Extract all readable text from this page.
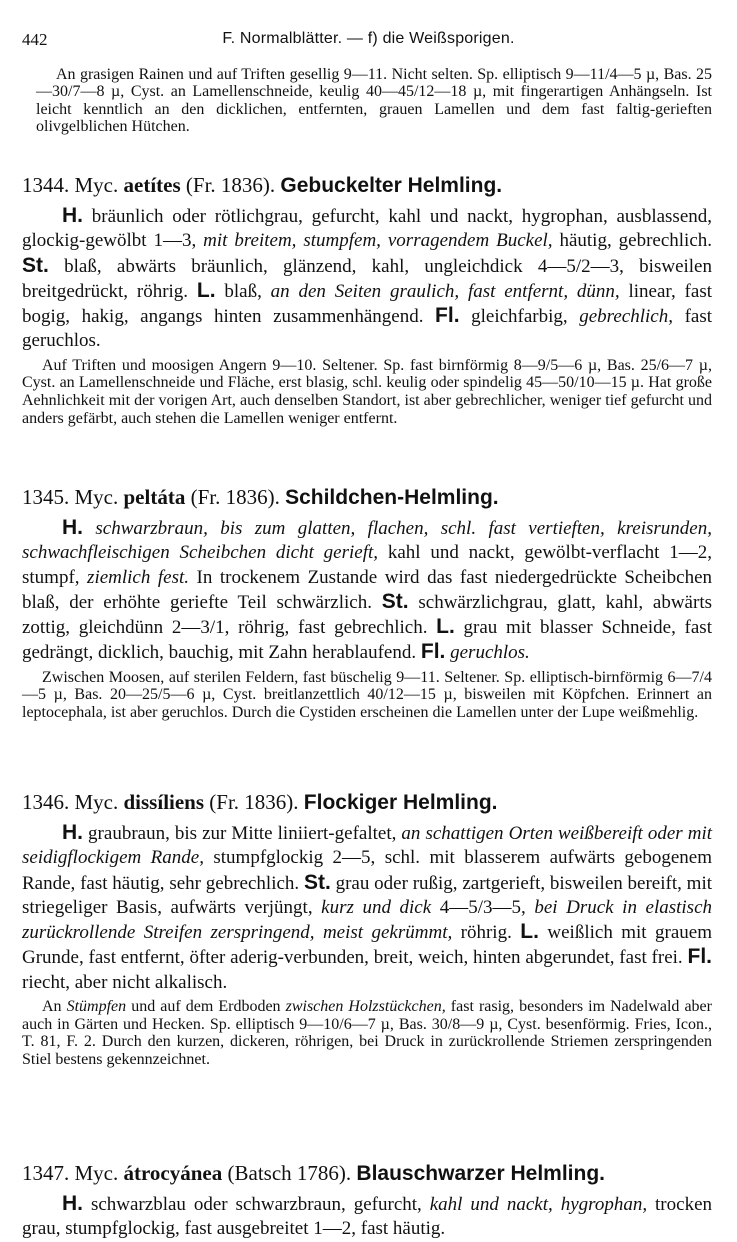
442	F. Normalblätter. — f) die Weißsporigen.

An grasigen Rainen und auf Triften gesellig 9—11. Nicht selten. Sp. elliptisch 9—11/4—5 µ, Bas. 25—30/7—8 µ, Cyst. an Lamellenschneide, keulig 40—45/12—18 µ, mit fingerartigen Anhängseln. Ist leicht kenntlich an den dicklichen, entfernten, grauen Lamellen und dem fast faltig-gerieften olivgelblichen Hütchen.

1344. Myc. aetítes (Fr. 1836). Gebuckelter Helmling.

H. bräunlich oder rötlichgrau, gefurcht, kahl und nackt, hygrophan, ausblassend, glockig-gewölbt 1—3, mit breitem, stumpfem, vorragendem Buckel, häutig, gebrechlich. St. blaß, abwärts bräunlich, glänzend, kahl, ungleichdick 4—5/2—3, bisweilen breitgedrückt, röhrig. L. blaß, an den Seiten graulich, fast entfernt, dünn, linear, fast bogig, hakig, angangs hinten zusammenhängend. Fl. gleichfarbig, gebrechlich, fast geruchlos.

Auf Triften und moosigen Angern 9—10. Seltener. Sp. fast birnförmig 8—9/5—6 µ, Bas. 25/6—7 µ, Cyst. an Lamellenschneide und Fläche, erst blasig, schl. keulig oder spindelig 45—50/10—15 µ. Hat große Aehnlichkeit mit der vorigen Art, auch denselben Standort, ist aber gebrechlicher, weniger tief gefurcht und anders gefärbt, auch stehen die Lamellen weniger entfernt.

1345. Myc. peltáta (Fr. 1836). Schildchen-Helmling.

H. schwarzbraun, bis zum glatten, flachen, schl. fast vertieften, kreisrunden, schwachfleischigen Scheibchen dicht gerieft, kahl und nackt, gewölbt-verflacht 1—2, stumpf, ziemlich fest. In trockenem Zustande wird das fast niedergedrückte Scheibchen blaß, der erhöhte geriefte Teil schwärzlich. St. schwärzlichgrau, glatt, kahl, abwärts zottig, gleichdünn 2—3/1, röhrig, fast gebrechlich. L. grau mit blasser Schneide, fast gedrängt, dicklich, bauchig, mit Zahn herablaufend. Fl. geruchlos.

Zwischen Moosen, auf sterilen Feldern, fast büschelig 9—11. Seltener. Sp. elliptisch-birnförmig 6—7/4—5 µ, Bas. 20—25/5—6 µ, Cyst. breitlanzettlich 40/12—15 µ, bisweilen mit Köpfchen. Erinnert an leptocephala, ist aber geruchlos. Durch die Cystiden erscheinen die Lamellen unter der Lupe weißmehlig.

1346. Myc. dissíliens (Fr. 1836). Flockiger Helmling.

H. graubraun, bis zur Mitte liniiert-gefaltet, an schattigen Orten weißbereift oder mit seidigflockigem Rande, stumpfglockig 2—5, schl. mit blasserem aufwärts gebogenem Rande, fast häutig, sehr gebrechlich. St. grau oder rußig, zartgerieft, bisweilen bereift, mit striegeliger Basis, aufwärts verjüngt, kurz und dick 4—5/3—5, bei Druck in elastisch zurückrollende Streifen zerspringend, meist gekrümmt, röhrig. L. weißlich mit grauem Grunde, fast entfernt, öfter aderig-verbunden, breit, weich, hinten abgerundet, fast frei. Fl. riecht, aber nicht alkalisch.

An Stümpfen und auf dem Erdboden zwischen Holzstückchen, fast rasig, besonders im Nadelwald aber auch in Gärten und Hecken. Sp. elliptisch 9—10/6—7 µ, Bas. 30/8—9 µ, Cyst. besenförmig. Fries, Icon., T. 81, F. 2. Durch den kurzen, dickeren, röhrigen, bei Druck in zurückrollende Striemen zerspringenden Stiel bestens gekennzeichnet.

1347. Myc. átrocyánea (Batsch 1786). Blauschwarzer Helmling.

H. schwarzblau oder schwarzbraun, gefurcht, kahl und nackt, hygrophan, trocken grau, stumpfglockig, fast ausgebreitet 1—2, fast häutig.
